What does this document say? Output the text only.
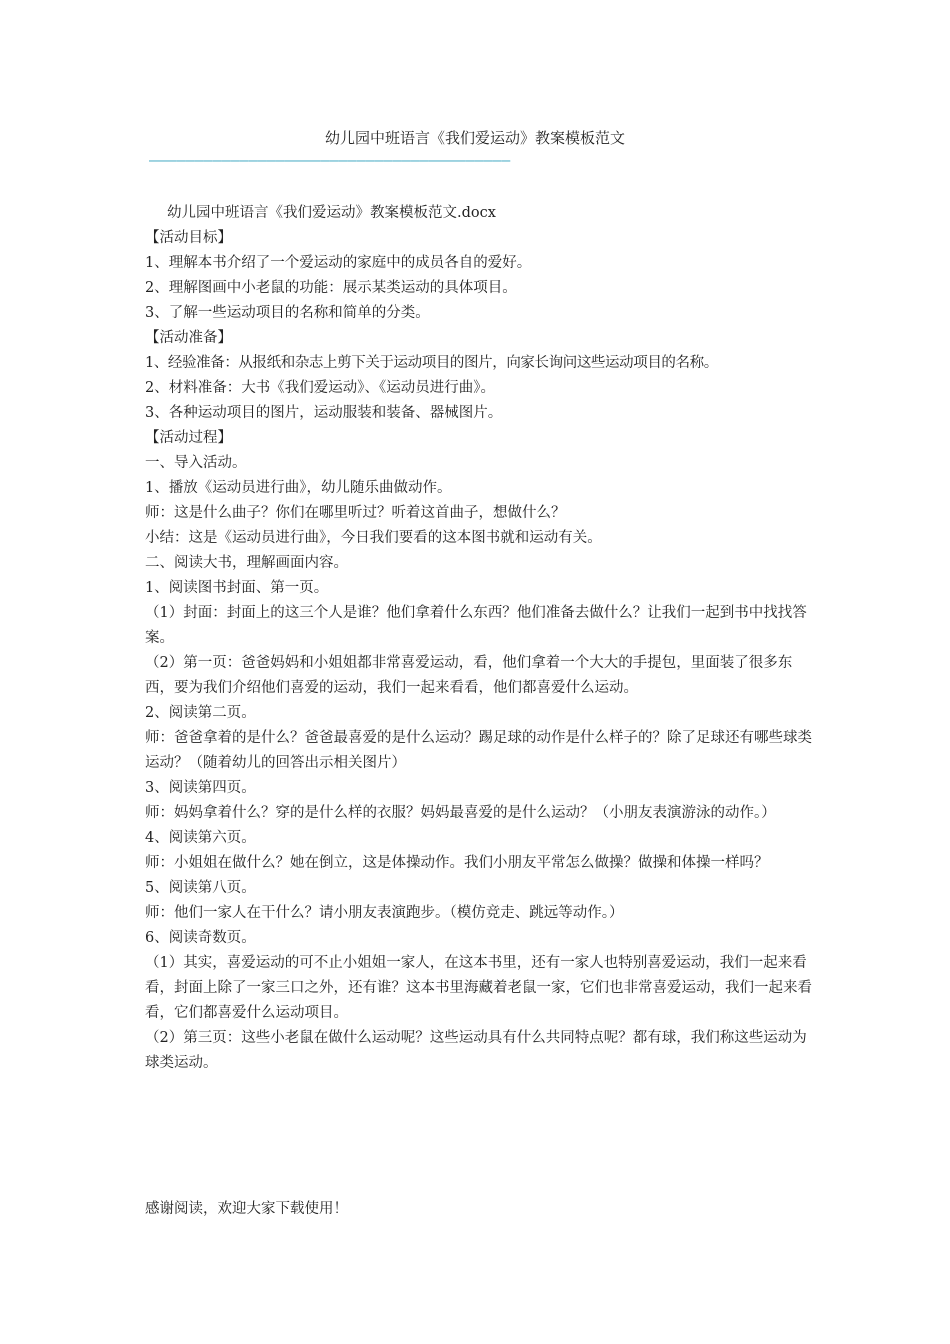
幼儿园中班语言《我们爱运动》教案模板范文
————————————————————————————————————————

幼儿园中班语言《我们爱运动》教案模板范文.docx

【活动目标】

1、理解本书介绍了一个爱运动的家庭中的成员各自的爱好。

2、理解图画中小老鼠的功能：展示某类运动的具体项目。

3、了解一些运动项目的名称和简单的分类。

【活动准备】

1、经验准备：从报纸和杂志上剪下关于运动项目的图片，向家长询问这些运动项目的名称。

2、材料准备：大书《我们爱运动》、《运动员进行曲》。

3、各种运动项目的图片，运动服装和装备、器械图片。

【活动过程】

一、导入活动。

1、播放《运动员进行曲》，幼儿随乐曲做动作。

师：这是什么曲子？你们在哪里听过？听着这首曲子，想做什么？

小结：这是《运动员进行曲》，今日我们要看的这本图书就和运动有关。

二、阅读大书，理解画面内容。

1、阅读图书封面、第一页。

（1）封面：封面上的这三个人是谁？他们拿着什么东西？他们准备去做什么？让我们一起到书中找找答案。

（2）第一页：爸爸妈妈和小姐姐都非常喜爱运动，看，他们拿着一个大大的手提包，里面装了很多东西，要为我们介绍他们喜爱的运动，我们一起来看看，他们都喜爱什么运动。

2、阅读第二页。

师：爸爸拿着的是什么？爸爸最喜爱的是什么运动？踢足球的动作是什么样子的？除了足球还有哪些球类运动？（随着幼儿的回答出示相关图片）

3、阅读第四页。

师：妈妈拿着什么？穿的是什么样的衣服？妈妈最喜爱的是什么运动？（小朋友表演游泳的动作。）

4、阅读第六页。

师：小姐姐在做什么？她在倒立，这是体操动作。我们小朋友平常怎么做操？做操和体操一样吗？

5、阅读第八页。

师：他们一家人在干什么？请小朋友表演跑步。（模仿竞走、跳远等动作。）

6、阅读奇数页。

（1）其实，喜爱运动的可不止小姐姐一家人，在这本书里，还有一家人也特别喜爱运动，我们一起来看看，封面上除了一家三口之外，还有谁？这本书里海藏着老鼠一家，它们也非常喜爱运动，我们一起来看看，它们都喜爱什么运动项目。

（2）第三页：这些小老鼠在做什么运动呢？这些运动具有什么共同特点呢？都有球，我们称这些运动为球类运动。

感谢阅读，欢迎大家下载使用！
